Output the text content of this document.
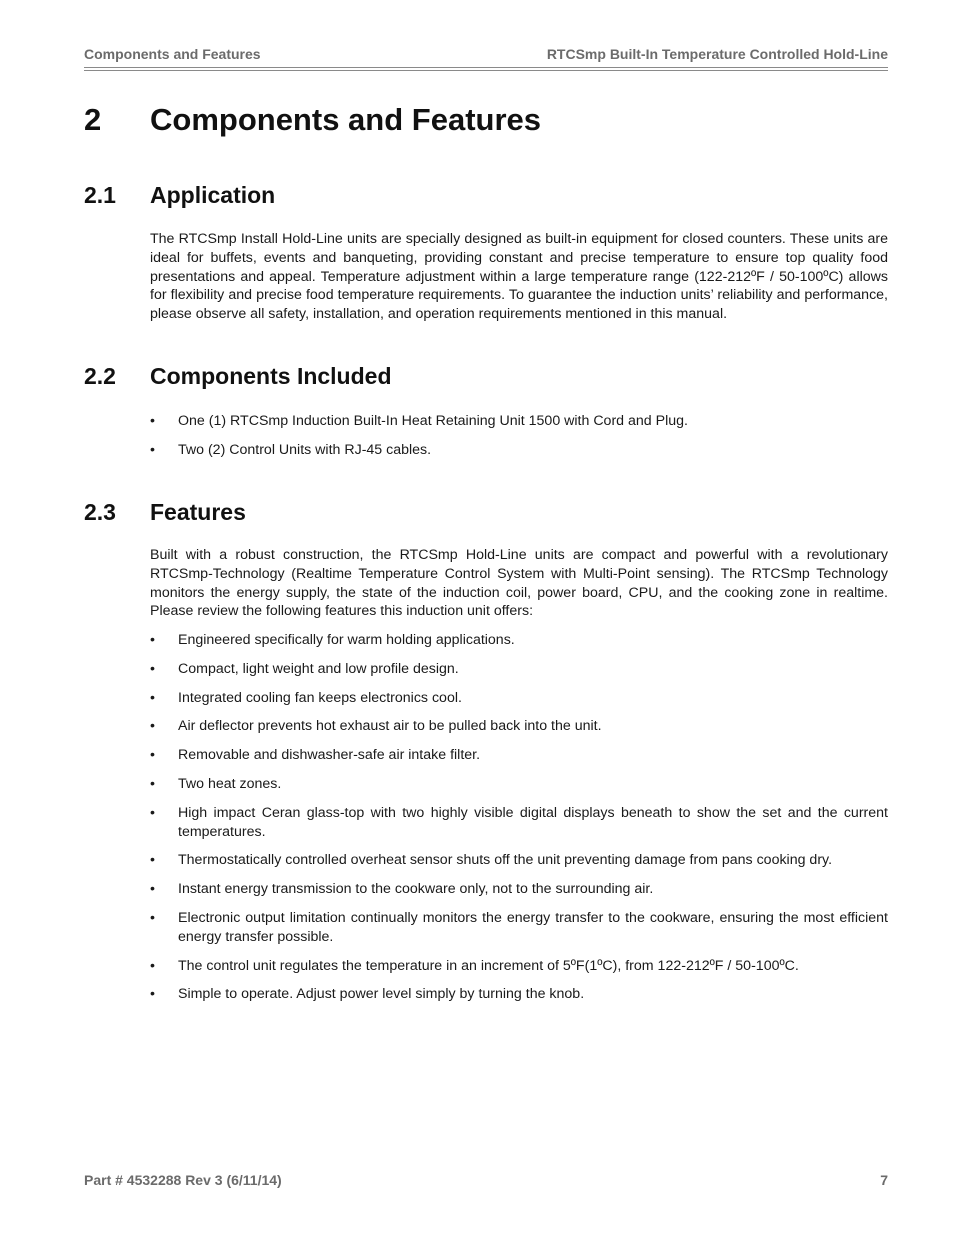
Components and Features	RTCSmp Built-In Temperature Controlled Hold-Line
2	Components and Features
2.1	Application

The RTCSmp Install Hold-Line units are specially designed as built-in equipment for closed counters. These units are ideal for buffets, events and banqueting, providing constant and precise temperature to ensure top quality food presentations and appeal. Temperature adjustment within a large temperature range (122-212ºF / 50-100ºC) allows for flexibility and precise food temperature requirements. To guarantee the induction units’ reliability and performance, please observe all safety, installation, and operation requirements mentioned in this manual.

2.2	Components Included
• One (1) RTCSmp Induction Built-In Heat Retaining Unit 1500 with Cord and Plug.
• Two (2) Control Units with RJ-45 cables.
2.3	Features

Built with a robust construction, the RTCSmp Hold-Line units are compact and powerful with a revolutionary RTCSmp-Technology (Realtime Temperature Control System with Multi-Point sensing). The RTCSmp Technology monitors the energy supply, the state of the induction coil, power board, CPU, and the cooking zone in realtime. Please review the following features this induction unit offers:

• Engineered specifically for warm holding applications.
• Compact, light weight and low profile design.
• Integrated cooling fan keeps electronics cool.
• Air deflector prevents hot exhaust air to be pulled back into the unit.
• Removable and dishwasher-safe air intake filter.
• Two heat zones.
• High impact Ceran glass-top with two highly visible digital displays beneath to show the set and the current temperatures.
• Thermostatically controlled overheat sensor shuts off the unit preventing damage from pans cooking dry.
• Instant energy transmission to the cookware only, not to the surrounding air.
• Electronic output limitation continually monitors the energy transfer to the cookware, ensuring the most efficient energy transfer possible.
• The control unit regulates the temperature in an increment of 5ºF(1ºC), from 122-212ºF / 50-100ºC.
• Simple to operate. Adjust power level simply by turning the knob.
Part # 4532288 Rev 3 (6/11/14)	7
